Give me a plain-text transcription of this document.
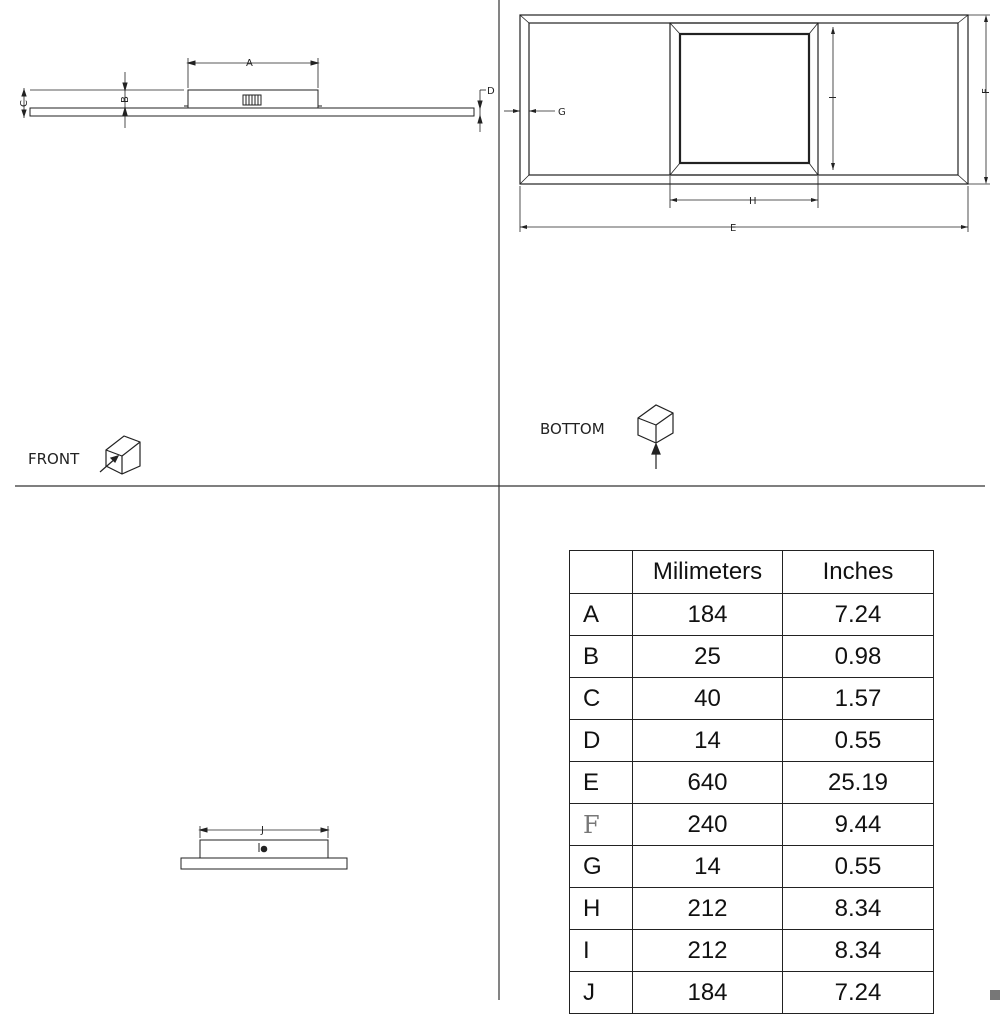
A
B
C
D
E
F
G
H
I
J
FRONT
BOTTOM
	Milimeters	Inches
A	184	7.24
B	25	0.98
C	40	1.57
D	14	0.55
E	640	25.19
F	240	9.44
G	14	0.55
H	212	8.34
I	212	8.34
J	184	7.24
